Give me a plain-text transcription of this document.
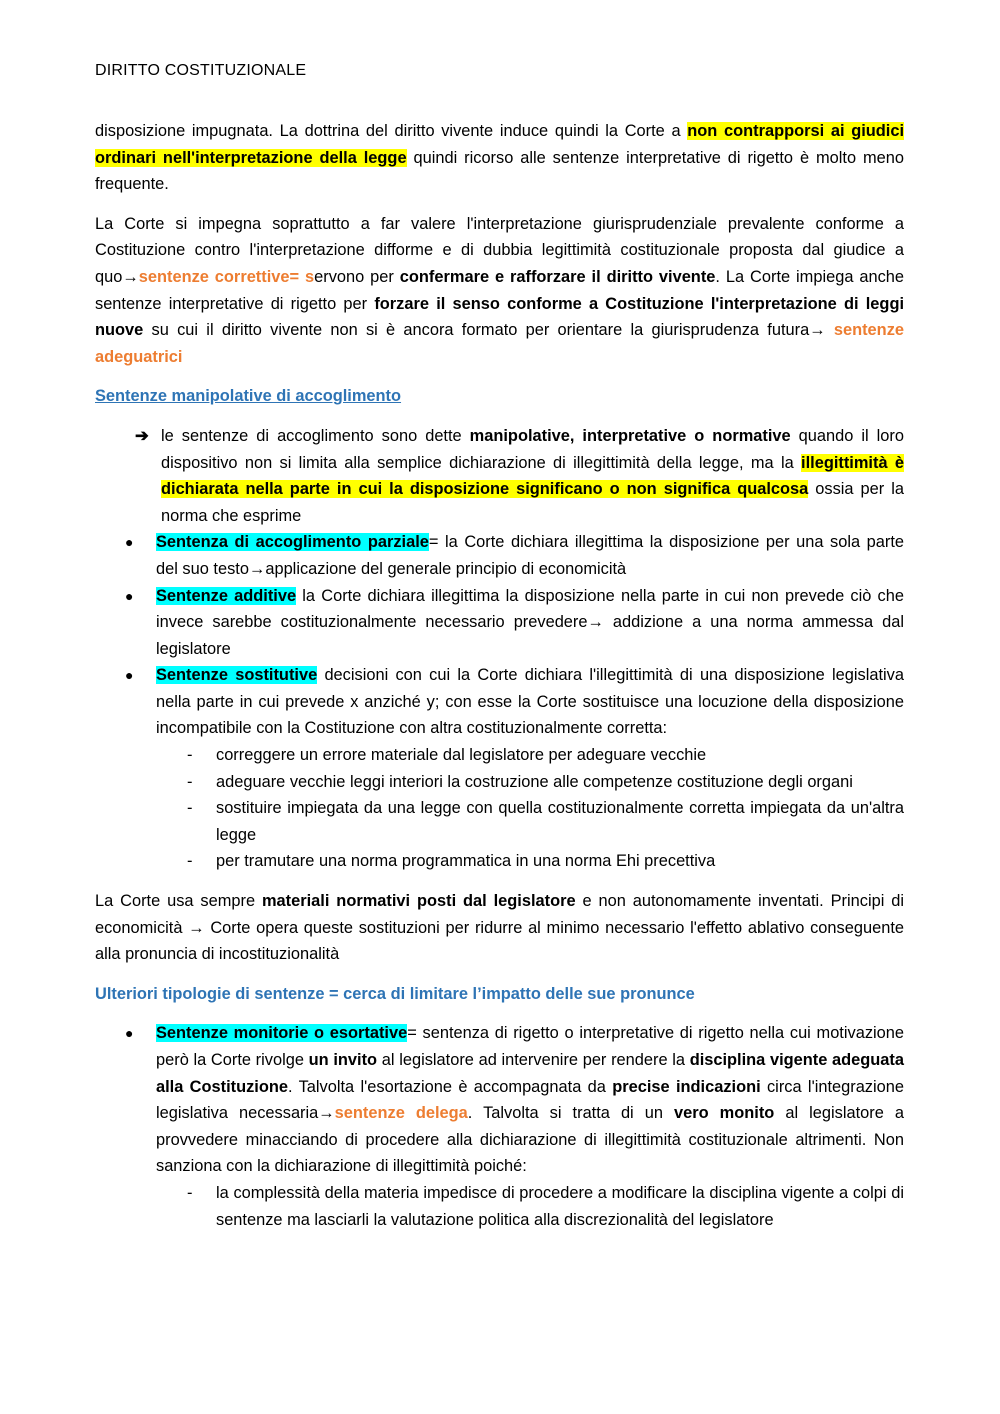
DIRITTO COSTITUZIONALE

disposizione impugnata. La dottrina del diritto vivente induce quindi la Corte a non contrapporsi ai giudici ordinari nell'interpretazione della legge quindi ricorso alle sentenze interpretative di rigetto è molto meno frequente.

La Corte si impegna soprattutto a far valere l'interpretazione giurisprudenziale prevalente conforme a Costituzione contro l'interpretazione difforme e di dubbia legittimità costituzionale proposta dal giudice a quo→sentenze correttive= servono per confermare e rafforzare il diritto vivente. La Corte impiega anche sentenze interpretative di rigetto per forzare il senso conforme a Costituzione l'interpretazione di leggi nuove su cui il diritto vivente non si è ancora formato per orientare la giurisprudenza futura→ sentenze adeguatrici

Sentenze manipolative di accoglimento
➔ le sentenze di accoglimento sono dette manipolative, interpretative o normative quando il loro dispositivo non si limita alla semplice dichiarazione di illegittimità della legge, ma la illegittimità è dichiarata nella parte in cui la disposizione significano o non significa qualcosa ossia per la norma che esprime
● Sentenza di accoglimento parziale= la Corte dichiara illegittima la disposizione per una sola parte del suo testo→applicazione del generale principio di economicità
● Sentenze additive la Corte dichiara illegittima la disposizione nella parte in cui non prevede ciò che invece sarebbe costituzionalmente necessario prevedere→ addizione a una norma ammessa dal legislatore
● Sentenze sostitutive decisioni con cui la Corte dichiara l'illegittimità di una disposizione legislativa nella parte in cui prevede x anziché y; con esse la Corte sostituisce una locuzione della disposizione incompatibile con la Costituzione con altra costituzionalmente corretta:
- correggere un errore materiale dal legislatore per adeguare vecchie
- adeguare vecchie leggi interiori la costruzione alle competenze costituzione degli organi
- sostituire impiegata da una legge con quella costituzionalmente corretta impiegata da un'altra legge
- per tramutare una norma programmatica in una norma Ehi precettiva

La Corte usa sempre materiali normativi posti dal legislatore e non autonomamente inventati. Principi di economicità → Corte opera queste sostituzioni per ridurre al minimo necessario l'effetto ablativo conseguente alla pronuncia di incostituzionalità

Ulteriori tipologie di sentenze = cerca di limitare l’impatto delle sue pronunce
● Sentenze monitorie o esortative= sentenza di rigetto o interpretative di rigetto nella cui motivazione però la Corte rivolge un invito al legislatore ad intervenire per rendere la disciplina vigente adeguata alla Costituzione. Talvolta l'esortazione è accompagnata da precise indicazioni circa l'integrazione legislativa necessaria→sentenze delega. Talvolta si tratta di un vero monito al legislatore a provvedere minacciando di procedere alla dichiarazione di illegittimità costituzionale altrimenti. Non sanziona con la dichiarazione di illegittimità poiché:
- la complessità della materia impedisce di procedere a modificare la disciplina vigente a colpi di sentenze ma lasciarli la valutazione politica alla discrezionalità del legislatore
